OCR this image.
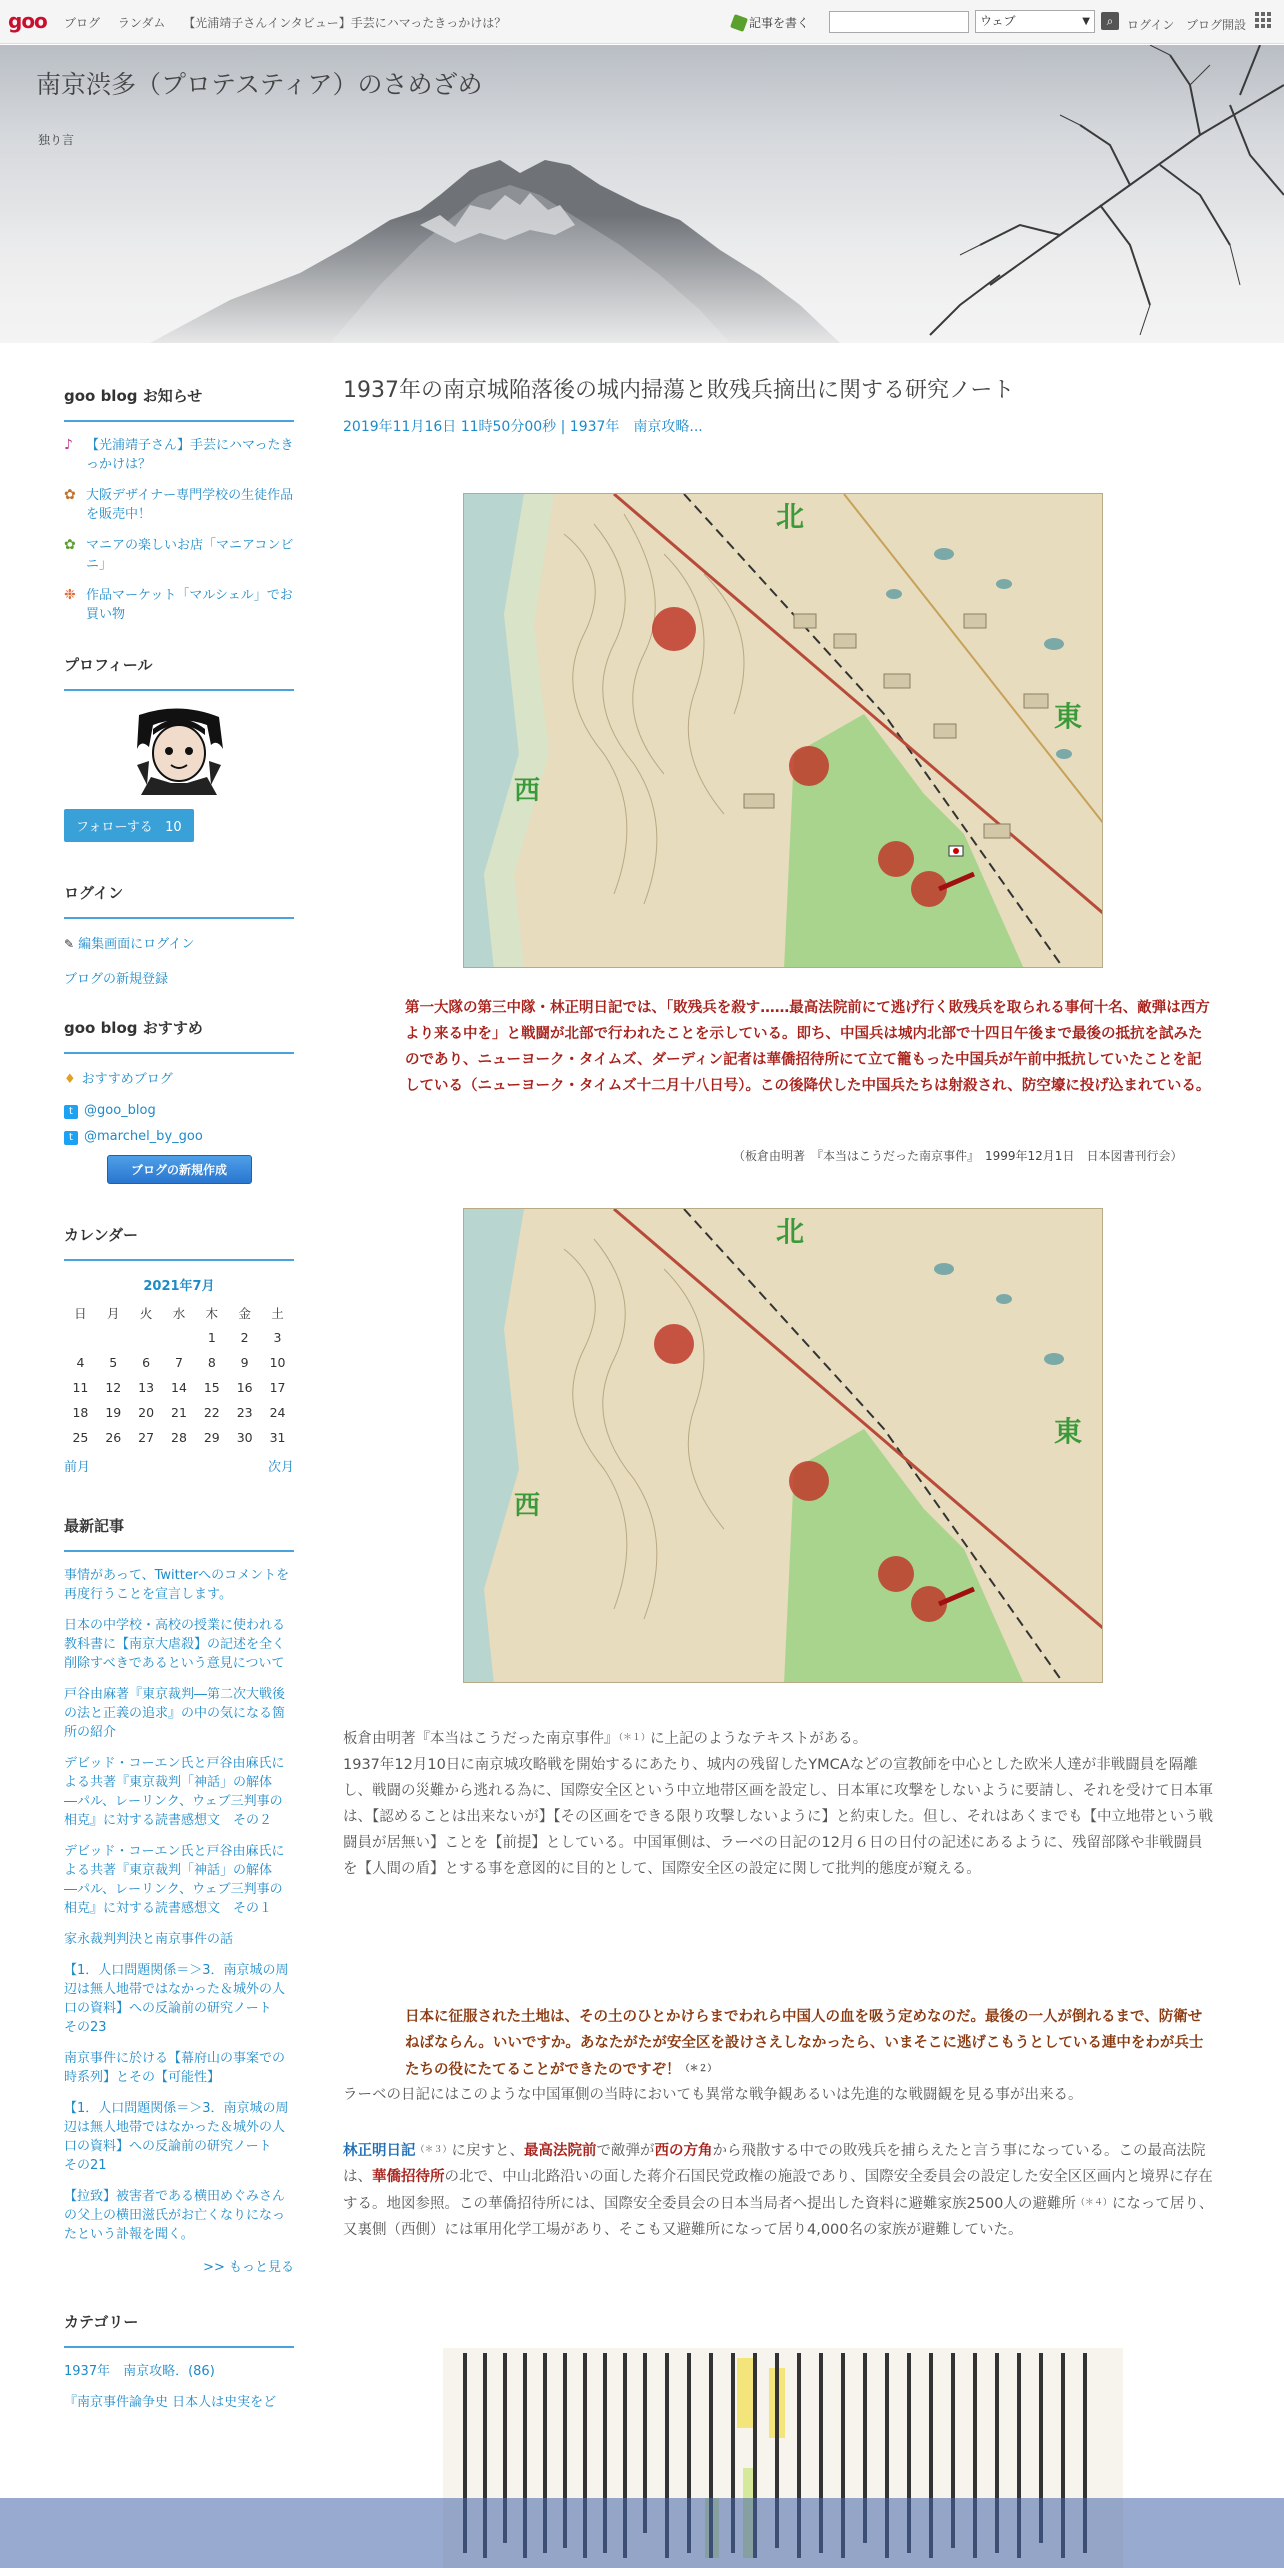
goo ブログ ランダム 【光浦靖子さんインタビュー】手芸にハマったきっかけは？	記事を書く	ウェブ	▼	⌕	ログイン ブログ開設
南京渋多（プロテスティア）のさめざめ
独り言
goo blog お知らせ
♪	【光浦靖子さん】手芸にハマったきっかけは？
✿ 大阪デザイナー専門学校の生徒作品を販売中！
✿ マニアの楽しいお店「マニアコンビニ」
❉ 作品マーケット「マルシェル」でお買い物
プロフィール
フォローする 10
ログイン
✎ 編集画面にログイン
ブログの新規登録
goo blog おすすめ
♦ おすすめブログ
t @goo_blog
t @marchel_by_goo
ブログの新規作成
カレンダー
2021年7月
日	月	火	水	木	金	土
				1	2	3
4	5	6	7	8	9	10
11	12	13	14	15	16	17
18	19	20	21	22	23	24
25	26	27	28	29	30	31
前月	次月
最新記事
事情があって、Twitterへのコメントを再度行うことを宣言します。
日本の中学校・高校の授業に使われる教科書に【南京大虐殺】の記述を全く削除すべきであるという意見について
戸谷由麻著『東京裁判―第二次大戦後の法と正義の追求』の中の気になる箇所の紹介
デビッド・コーエン氏と戸谷由麻氏による共著『東京裁判「神話」の解体　―パル、レーリンク、ウェブ三判事の相克』に対する読書感想文　その２
デビッド・コーエン氏と戸谷由麻氏による共著『東京裁判「神話」の解体　―パル、レーリンク、ウェブ三判事の相克』に対する読書感想文　その１
家永裁判判決と南京事件の話
【1．人口問題関係＝＞3．南京城の周辺は無人地帯ではなかった＆城外の人口の資料】への反論前の研究ノート　その23
南京事件に於ける【幕府山の事案での時系列】とその【可能性】
【1．人口問題関係＝＞3．南京城の周辺は無人地帯ではなかった＆城外の人口の資料】への反論前の研究ノート　その21
【拉致】被害者である横田めぐみさんの父上の横田滋氏がお亡くなりになったという訃報を聞く。
>> もっと見る
カテゴリー
1937年　南京攻略．(86)
『南京事件論争史 日本人は史実をど
1937年の南京城陥落後の城内掃蕩と敗残兵摘出に関する研究ノート
2019年11月16日 11時50分00秒 | 1937年　南京攻略...
北
東
西
第一大隊の第三中隊・林正明日記では、「敗残兵を殺す……最高法院前にて逃げ行く敗残兵を取られる事何十名、敵弾は西方より来る中を」と戦闘が北部で行われたことを示している。即ち、中国兵は城内北部で十四日午後まで最後の抵抗を試みたのであり、ニューヨーク・タイムズ、ダーディン記者は華僑招待所にて立て籠もった中国兵が午前中抵抗していたことを記している（ニューヨーク・タイムズ十二月十八日号）。この後降伏した中国兵たちは射殺され、防空壕に投げ込まれている。
（板倉由明著　『本当はこうだった南京事件』　1999年12月1日　日本図書刊行会）
北
東
西
板倉由明著『本当はこうだった南京事件』$^{(*1)}$に上記のようなテキストがある。
1937年12月10日に南京城攻略戦を開始するにあたり、城内の残留したYMCAなどの宣教師を中心とした欧米人達が非戦闘員を隔離し、戦闘の災難から逃れる為に、国際安全区という中立地帯区画を設定し、日本軍に攻撃をしないように要請し、それを受けて日本軍は、【認めることは出来ないが】【その区画をできる限り攻撃しないように】と約束した。但し、それはあくまでも【中立地帯という戦闘員が居無い】ことを【前提】としている。中国軍側は、ラーベの日記の12月６日の日付の記述にあるように、残留部隊や非戦闘員を【人間の盾】とする事を意図的に目的として、国際安全区の設定に関して批判的態度が窺える。
日本に征服された土地は、その土のひとかけらまでわれら中国人の血を吸う定めなのだ。最後の一人が倒れるまで、防衛せねばならん。いいですか。あなたがたが安全区を設けさえしなかったら、いまそこに逃げこもうとしている連中をわが兵士たちの役にたてることができたのですぞ！$^{(*2)}$
ラーベの日記にはこのような中国軍側の当時においても異常な戦争観あるいは先進的な戦闘観を見る事が出来る。
林正明日記$^{(*3)}$に戻すと、最高法院前で敵弾が西の方角から飛散する中での敗残兵を捕らえたと言う事になっている。この最高法院は、華僑招待所の北で、中山北路沿いの面した蒋介石国民党政権の施設であり、国際安全委員会の設定した安全区区画内と境界に存在する。地図参照。この華僑招待所には、国際安全委員会の日本当局者へ提出した資料に避難家族2500人の避難所$^{(*4)}$になって居り、又裏側（西側）には軍用化学工場があり、そこも又避難所になって居り4,000名の家族が避難していた。
